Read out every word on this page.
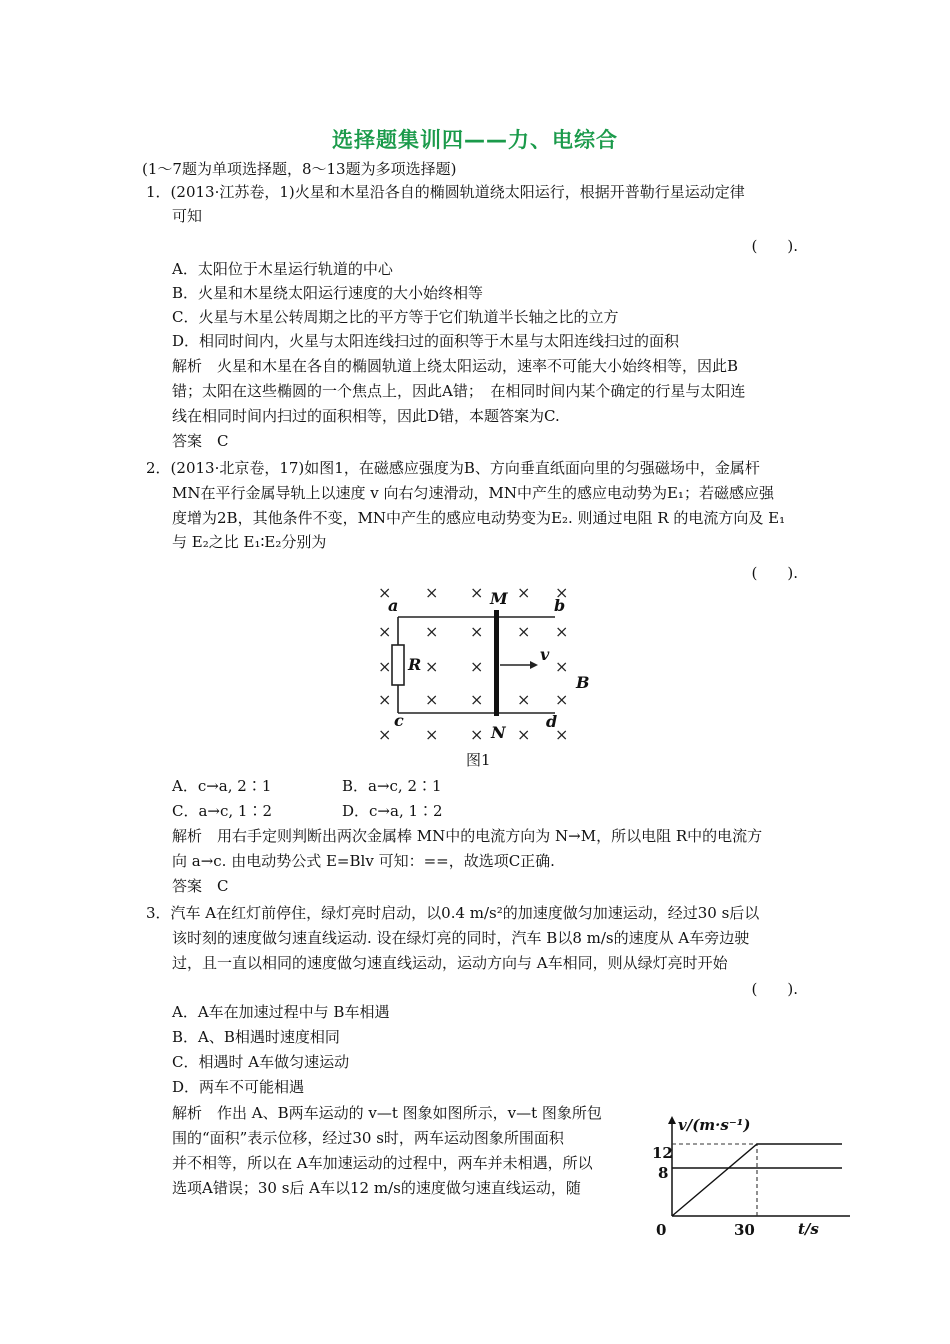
选择题集训四——力、电综合
(1～7题为单项选择题，8～13题为多项选择题)
1．(2013·江苏卷，1)火星和木星沿各自的椭圆轨道绕太阳运行，根据开普勒行星运动定律
可知
(　　).
A．太阳位于木星运行轨道的中心
B．火星和木星绕太阳运行速度的大小始终相等
C．火星与木星公转周期之比的平方等于它们轨道半长轴之比的立方
D．相同时间内，火星与太阳连线扫过的面积等于木星与太阳连线扫过的面积
解析　火星和木星在各自的椭圆轨道上绕太阳运动，速率不可能大小始终相等，因此B
错；太阳在这些椭圆的一个焦点上，因此A错；　在相同时间内某个确定的行星与太阳连
线在相同时间内扫过的面积相等，因此D错，本题答案为C.
答案　C
2．(2013·北京卷，17)如图1，在磁感应强度为B、方向垂直纸面向里的匀强磁场中，金属杆
MN在平行金属导轨上以速度 v 向右匀速滑动，MN中产生的感应电动势为E₁；若磁感应强
度增为2B，其他条件不变，MN中产生的感应电动势变为E₂. 则通过电阻 R 的电流方向及 E₁
与 E₂之比 E₁∶E₂分别为
(　　).
× × × × ×
× × × × ×
× × ×	×
× × × × ×
× × × × ×
a	b
c	d
M
N
R
v
B
图1
A．c→a, 2∶1	B．a→c, 2∶1
C．a→c, 1∶2	D．c→a, 1∶2
解析　用右手定则判断出两次金属棒 MN中的电流方向为 N→M，所以电阻 R中的电流方
向 a→c. 由电动势公式 E=Blv 可知：==，故选项C正确.
答案　C
3．汽车 A在红灯前停住，绿灯亮时启动，以0.4 m/s²的加速度做匀加速运动，经过30 s后以
该时刻的速度做匀速直线运动. 设在绿灯亮的同时，汽车 B以8 m/s的速度从 A车旁边驶
过，且一直以相同的速度做匀速直线运动，运动方向与 A车相同，则从绿灯亮时开始
(　　).
A．A车在加速过程中与 B车相遇
B．A、B相遇时速度相同
C．相遇时 A车做匀速运动
D．两车不可能相遇
解析　作出 A、B两车运动的 v—t 图象如图所示，v—t 图象所包
围的“面积”表示位移，经过30 s时，两车运动图象所围面积
并不相等，所以在 A车加速运动的过程中，两车并未相遇，所以
选项A错误；30 s后 A车以12 m/s的速度做匀速直线运动，随
v/(m·s⁻¹)
t/s
0	30
12
8
